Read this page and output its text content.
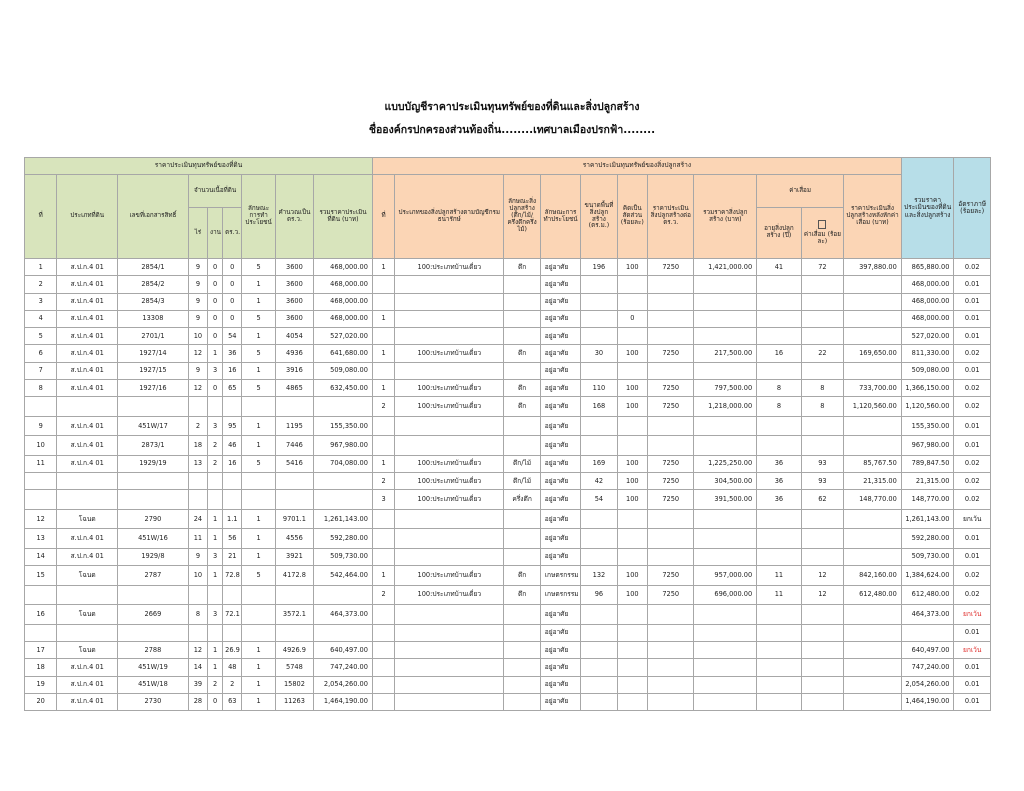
แบบบัญชีราคาประเมินทุนทรัพย์ของที่ดินและสิ่งปลูกสร้าง
ชื่อองค์กรปกครองส่วนท้องถิ่น........เทศบาลเมืองปรกฟ้า........
ราคาประเมินทุนทรัพย์ของที่ดิน									ราคาประเมินทุนทรัพย์ของสิ่งปลูกสร้าง											รวมราคาประเมินของที่ดินและสิ่งปลูกสร้าง	อัตราภาษี (ร้อยละ)
ที่	ประเภทที่ดิน	เลขที่เอกสารสิทธิ์	จำนวนเนื้อที่ดิน			ลักษณะการทำประโยชน์	คำนวณเป็น ตร.ว.	รวมราคาประเมินที่ดิน (บาท)	ที่	ประเภทของสิ่งปลูกสร้างตามบัญชีกรมธนารักษ์	ลักษณะสิ่งปลูกสร้าง (ตึก/ไม้/ครึ่งตึกครึ่งไม้)	ลักษณะการทำประโยชน์	ขนาดพื้นที่สิ่งปลูกสร้าง (ตร.ม.)	คิดเป็นสัดส่วน (ร้อยละ)	ราคาประเมินสิ่งปลูกสร้างต่อ ตร.ว.	รวมราคาสิ่งปลูกสร้าง (บาท)	ค่าเสื่อม		ราคาประเมินสิ่งปลูกสร้างหลังหักค่าเสื่อม (บาท)		
			ไร่	งาน	ตร.ว.												อายุสิ่งปลูกสร้าง (ปี)	ค่าเสื่อม (ร้อยละ)			
1	ส.ป.ก.4 01	2854/1	9	0	0	5	3600	468,000.00	1	100:ประเภทบ้านเดี่ยว	ตึก	อยู่อาศัย	196	100	7250	1,421,000.00	41	72	397,880.00	865,880.00	0.02
2	ส.ป.ก.4 01	2854/2	9	0	0	1	3600	468,000.00				อยู่อาศัย								468,000.00	0.01
3	ส.ป.ก.4 01	2854/3	9	0	0	1	3600	468,000.00				อยู่อาศัย								468,000.00	0.01
4	ส.ป.ก.4 01	13308	9	0	0	5	3600	468,000.00	1			อยู่อาศัย		0						468,000.00	0.01
5	ส.ป.ก.4 01	2701/1	10	0	54	1	4054	527,020.00				อยู่อาศัย								527,020.00	0.01
6	ส.ป.ก.4 01	1927/14	12	1	36	5	4936	641,680.00	1	100:ประเภทบ้านเดี่ยว	ตึก	อยู่อาศัย	30	100	7250	217,500.00	16	22	169,650.00	811,330.00	0.02
7	ส.ป.ก.4 01	1927/15	9	3	16	1	3916	509,080.00				อยู่อาศัย								509,080.00	0.01
8	ส.ป.ก.4 01	1927/16	12	0	65	5	4865	632,450.00	1	100:ประเภทบ้านเดี่ยว	ตึก	อยู่อาศัย	110	100	7250	797,500.00	8	8	733,700.00	1,366,150.00	0.02
									2	100:ประเภทบ้านเดี่ยว	ตึก	อยู่อาศัย	168	100	7250	1,218,000.00	8	8	1,120,560.00	1,120,560.00	0.02
9	ส.ป.ก.4 01	451W/17	2	3	95	1	1195	155,350.00				อยู่อาศัย								155,350.00	0.01
10	ส.ป.ก.4 01	2873/1	18	2	46	1	7446	967,980.00				อยู่อาศัย								967,980.00	0.01
11	ส.ป.ก.4 01	1929/19	13	2	16	5	5416	704,080.00	1	100:ประเภทบ้านเดี่ยว	ตึก/ไม้	อยู่อาศัย	169	100	7250	1,225,250.00	36	93	85,767.50	789,847.50	0.02
									2	100:ประเภทบ้านเดี่ยว	ตึก/ไม้	อยู่อาศัย	42	100	7250	304,500.00	36	93	21,315.00	21,315.00	0.02
									3	100:ประเภทบ้านเดี่ยว	ครึ่งตึก	อยู่อาศัย	54	100	7250	391,500.00	36	62	148,770.00	148,770.00	0.02
12	โฉนด	2790	24	1	1.1	1	9701.1	1,261,143.00				อยู่อาศัย								1,261,143.00	ยกเว้น
13	ส.ป.ก.4 01	451W/16	11	1	56	1	4556	592,280.00				อยู่อาศัย								592,280.00	0.01
14	ส.ป.ก.4 01	1929/8	9	3	21	1	3921	509,730.00				อยู่อาศัย								509,730.00	0.01
15	โฉนด	2787	10	1	72.8	5	4172.8	542,464.00	1	100:ประเภทบ้านเดี่ยว	ตึก	เกษตรกรรม	132	100	7250	957,000.00	11	12	842,160.00	1,384,624.00	0.02
									2	100:ประเภทบ้านเดี่ยว	ตึก	เกษตรกรรม	96	100	7250	696,000.00	11	12	612,480.00	612,480.00	0.02
16	โฉนด	2669	8	3	72.1		3572.1	464,373.00				อยู่อาศัย								464,373.00	ยกเว้น
												อยู่อาศัย									0.01
17	โฉนด	2788	12	1	26.9	1	4926.9	640,497.00				อยู่อาศัย								640,497.00	ยกเว้น
18	ส.ป.ก.4 01	451W/19	14	1	48	1	5748	747,240.00				อยู่อาศัย								747,240.00	0.01
19	ส.ป.ก.4 01	451W/18	39	2	2	1	15802	2,054,260.00				อยู่อาศัย								2,054,260.00	0.01
20	ส.ป.ก.4 01	2730	28	0	63	1	11263	1,464,190.00				อยู่อาศัย								1,464,190.00	0.01
